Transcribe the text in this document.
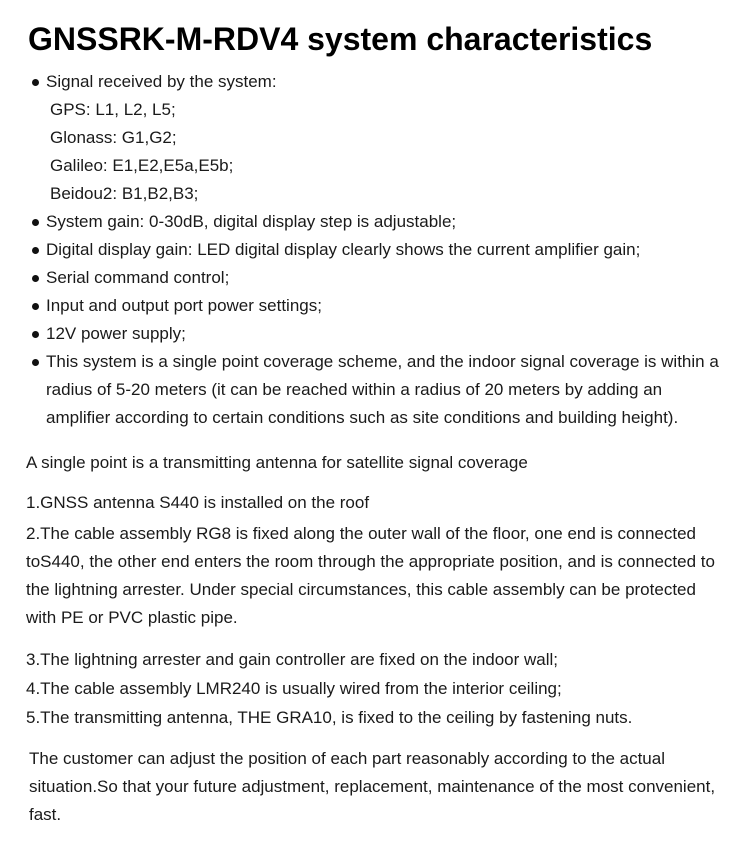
GNSSRK-M-RDV4 system characteristics
Signal received by the system:
GPS: L1, L2, L5;
Glonass: G1,G2;
Galileo: E1,E2,E5a,E5b;
Beidou2: B1,B2,B3;
System gain: 0-30dB, digital display step is adjustable;
Digital display gain: LED digital display clearly shows the current amplifier gain;
Serial command control;
Input and output port power settings;
12V power supply;
This system is a single point coverage scheme, and the indoor signal coverage is within a radius of 5-20 meters (it can be reached within a radius of 20 meters by adding an amplifier according to certain conditions such as site conditions and building height).

A single point is a transmitting antenna for satellite signal coverage

1.GNSS antenna S440 is installed on the roof

2.The cable assembly RG8 is fixed along the outer wall of the floor, one end is connected toS440, the other end enters the room through the appropriate position, and is connected to the lightning arrester. Under special circumstances, this cable assembly can be protected with PE or PVC plastic pipe.

3.The lightning arrester and gain controller are fixed on the indoor wall;

4.The cable assembly LMR240 is usually wired from the interior ceiling;

5.The transmitting antenna, THE GRA10, is fixed to the ceiling by fastening nuts.

The customer can adjust the position of each part reasonably according to the actual situation.So that your future adjustment, replacement, maintenance of the most convenient, fast.
